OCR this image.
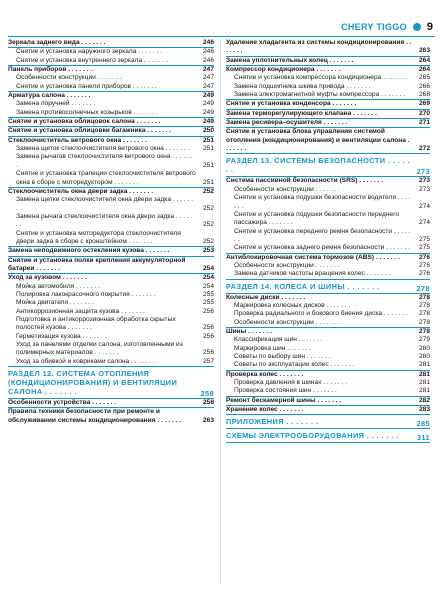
CHERY TIGGO 9
Зеркала заднего вида . . . . . . .	246
Снятие и установка наружного зеркала . . . . . . .	246
Снятие и установка внутреннего зеркала . . . . . . .	246
Панель приборов . . . . . . .	247
Особенности конструкции . . . . . . .	247
Снятие и установка панели приборов . . . . . . .	247
Арматура салона . . . . . . .	249
Замена поручней . . . . . . .	249
Замена противосолнечных козырьков . . . . . . .	249
Снятие и установка облицовок салона . . . . . . .	249
Снятие и установка облицовки багажника . . . . . . .	250
Стеклоочиститель ветрового окна . . . . . . .	251
Замена щеток стеклоочистителя ветрового окна . . . . . . . 251
Замена рычагов стеклоочистителя ветрового окна . . . . . . .	251
Снятие и установка трапеции стеклоочистителя ветрового окна в сборе с моторедуктором . . . . . . .	251
Стеклоочиститель окна двери задка . . . . . . .	252
Замена щетки стеклоочистителя окна двери задка . . . . . . .	252
Замена рычага стеклоочистителя окна двери задка . . . . . . .	252
Снятие и установка мотоpедуктора стеклоочистителя двери задка в сборе с кронштейном . . . . . . .	252
Замена неподвижного остекления кузова . . . . . . .	253
Снятие и установка полки крепления аккумуляторной батареи . . . . . . .	254
Уход за кузовом . . . . . . .	254
Мойка автомобиля . . . . . . .	254
Полировка лакокрасочного покрытия . . . . . . .	255
Мойка двигателя . . . . . . .	255
Антикоррозионная защита кузова . . . . . . .	256
Подготовка и антикоррозионная обработка скрытых полостей кузова . . . . . . .	256
Герметизация кузова . . . . . . .	256
Уход за панелями отделки салона, изготовленными из полимерных материалов . . . . . . .	256
Уход за обивкой и ковриками салона . . . . . . .	257
РАЗДЕЛ 12. СИСТЕМА ОТОПЛЕНИЯ (КОНДИЦИОНИРОВАНИЯ) И ВЕНТИЛЯЦИИ САЛОНА . . . . . . .	258
Особенности устройства . . . . . . .	258
Правила техники безопасности при ремонте и обслуживании системы кондиционирования . . . . . . .	263
Удаление хладагента из системы кондиционирования . . . . . . .	263
Замена уплотнительных колец . . . . . . .	264
Компрессор кондиционера . . . . . . .	264
Снятие и установка компрессора кондиционера . . . . . . . 265
Замена подшипника шкива привода . . . . . . .	266
Замена электромагнитной муфты компрессора . . . . . . . 268
Снятие и установка конденсора . . . . . . .	269
Замена терморегулирующего клапана . . . . . . .	270
Замена ресивера–осушителя . . . . . . .	271
Снятие и установка блока управления системой отопления (кондиционирования) и вентиляции салона . . . . . . .	272
РАЗДЕЛ 13. СИСТЕМЫ БЕЗОПАСНОСТИ . . . . . . .	273
Система пассивной безопасности (SRS) . . . . . . .	273
Особенности конструкции . . . . . . .	273
Снятие и установка подушки безопасности водителя . . . . . . .	274
Снятие и установка подушки безопасности переднего пассажира . . . . . . .	274
Снятие и установка переднего ремня безопасности . . . . . . .	275
Снятие и установка заднего ремня безопасности . . . . . . . 275
Антиблокировочная система тормозов (ABS) . . . . . . .	276
Особенности конструкции . . . . . . .	276
Замена датчиков частоты вращения колес . . . . . . .	276
РАЗДЕЛ 14. КОЛЕСА И ШИНЫ . . . . . . .	278
Колесные диски . . . . . . .	278
Маркировка колесных дисков . . . . . . .	278
Проверка радиального и бокового биения диска . . . . . . . 278
Особенности конструкции . . . . . . .	278
Шины . . . . . . .	278
Классификация шин . . . . . . .	279
Маркировка шин . . . . . . .	280
Советы по выбору шин . . . . . . .	280
Советы по эксплуатации колес . . . . . . .	281
Проверка колес . . . . . . .	281
Проверка давления в шинах . . . . . . .	281
Проверка состояния шин . . . . . . .	281
Ремонт бескамерной шины . . . . . . .	282
Хранение колес . . . . . . .	283
ПРИЛОЖЕНИЯ . . . . . . .	285
СХЕМЫ ЭЛЕКТРООБОРУДОВАНИЯ . . . . . . . 311
